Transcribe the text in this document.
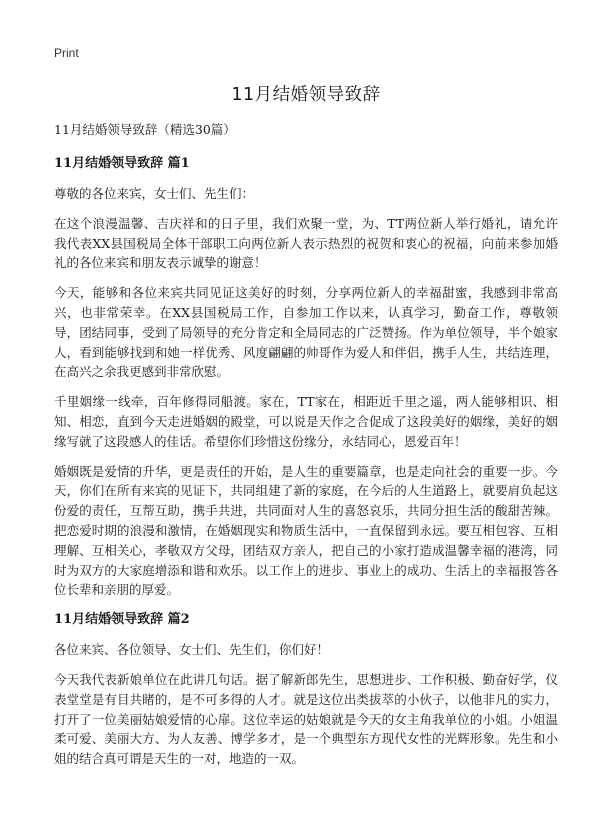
Print
11月结婚领导致辞
11月结婚领导致辞（精选30篇）
11月结婚领导致辞 篇1

尊敬的各位来宾，女士们、先生们：

在这个浪漫温馨、吉庆祥和的日子里，我们欢聚一堂，为、TT两位新人举行婚礼，请允许我代表XX县国税局全体干部职工向两位新人表示热烈的祝贺和衷心的祝福，向前来参加婚礼的各位来宾和朋友表示诚挚的谢意！

今天，能够和各位来宾共同见证这美好的时刻，分享两位新人的幸福甜蜜，我感到非常高兴，也非常荣幸。在XX县国税局工作，自参加工作以来，认真学习，勤奋工作，尊敬领导，团结同事，受到了局领导的充分肯定和全局同志的广泛赞扬。作为单位领导，半个娘家人，看到能够找到和她一样优秀、风度翩翩的帅哥作为爱人和伴侣，携手人生，共结连理，在高兴之余我更感到非常欣慰。

千里姻缘一线牵，百年修得同船渡。家在，TT家在，相距近千里之遥，两人能够相识、相知、相恋，直到今天走进婚姻的殿堂，可以说是天作之合促成了这段美好的姻缘，美好的姻缘写就了这段感人的佳话。希望你们珍惜这份缘分，永结同心，恩爱百年！

婚姻既是爱情的升华，更是责任的开始，是人生的重要篇章，也是走向社会的重要一步。今天，你们在所有来宾的见证下，共同组建了新的家庭，在今后的人生道路上，就要肩负起这份爱的责任，互帮互助，携手共进，共同面对人生的喜怒哀乐，共同分担生活的酸甜苦辣。把恋爱时期的浪漫和激情，在婚姻现实和物质生活中，一直保留到永远。要互相包容、互相理解、互相关心，孝敬双方父母，团结双方亲人，把自己的小家打造成温馨幸福的港湾，同时为双方的大家庭增添和谐和欢乐。以工作上的进步、事业上的成功、生活上的幸福报答各位长辈和亲朋的厚爱。

11月结婚领导致辞 篇2

各位来宾、各位领导、女士们、先生们，你们好！

今天我代表新娘单位在此讲几句话。据了解新郎先生，思想进步、工作积极、勤奋好学，仪表堂堂是有目共睹的，是不可多得的人才。就是这位出类拔萃的小伙子，以他非凡的实力，打开了一位美丽姑娘爱情的心扉。这位幸运的姑娘就是今天的女主角我单位的小姐。小姐温柔可爱、美丽大方、为人友善、博学多才，是一个典型东方现代女性的光辉形象。先生和小姐的结合真可谓是天生的一对，地造的一双。
